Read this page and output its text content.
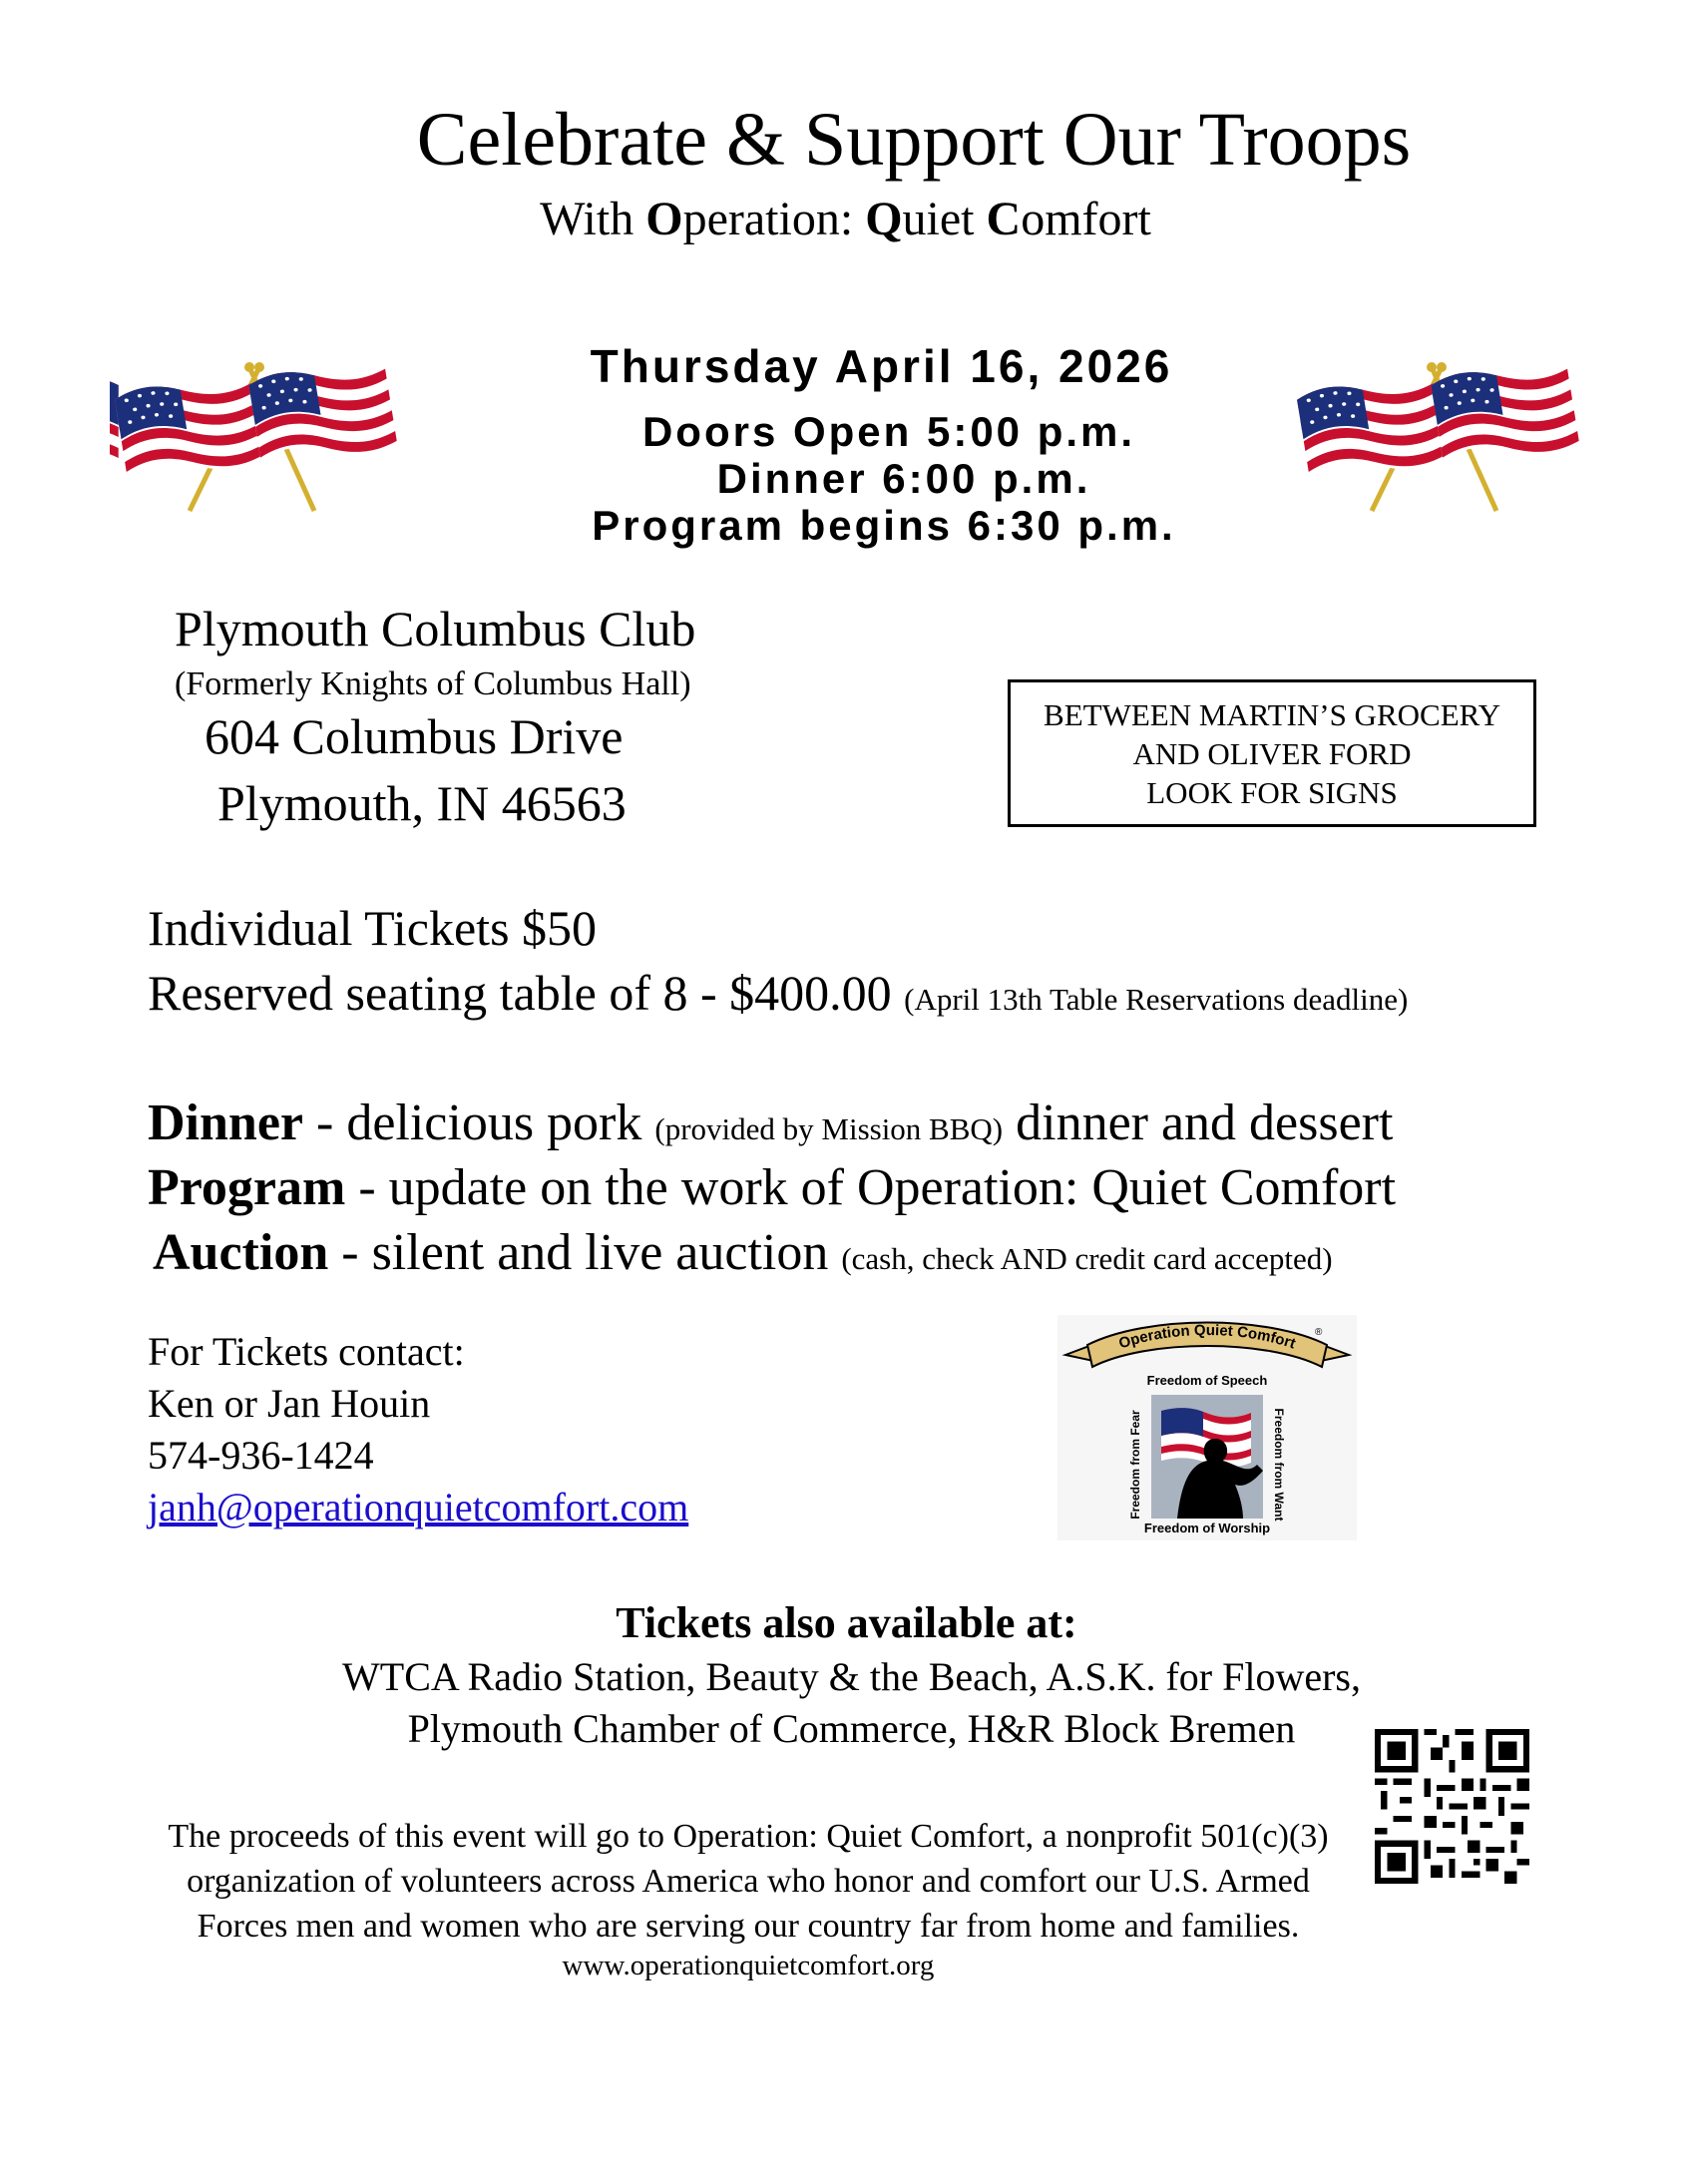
Celebrate & Support Our Troops
With Operation: Quiet Comfort
Thursday April 16, 2026
Doors Open 5:00 p.m.
Dinner 6:00 p.m.
Program begins 6:30 p.m.
Plymouth Columbus Club
(Formerly Knights of Columbus Hall)
604 Columbus Drive
Plymouth, IN 46563
BETWEEN MARTIN’S GROCERY
AND OLIVER FORD
LOOK FOR SIGNS
Individual Tickets $50
Reserved seating table of 8 - $400.00 (April 13th Table Reservations deadline)
Dinner - delicious pork (provided by Mission BBQ) dinner and dessert
Program - update on the work of Operation: Quiet Comfort
Auction - silent and live auction (cash, check AND credit card accepted)
For Tickets contact:
Ken or Jan Houin
574-936-1424
janh@operationquietcomfort.com
Operation Quiet Comfort
®
Freedom of Speech
Freedom of Worship
Freedom from Fear	Freedom from Want
Tickets also available at:
WTCA Radio Station, Beauty & the Beach, A.S.K. for Flowers,
Plymouth Chamber of Commerce, H&R Block Bremen
The proceeds of this event will go to Operation: Quiet Comfort, a nonprofit 501(c)(3)
organization of volunteers across America who honor and comfort our U.S. Armed
Forces men and women who are serving our country far from home and families.
www.operationquietcomfort.org
